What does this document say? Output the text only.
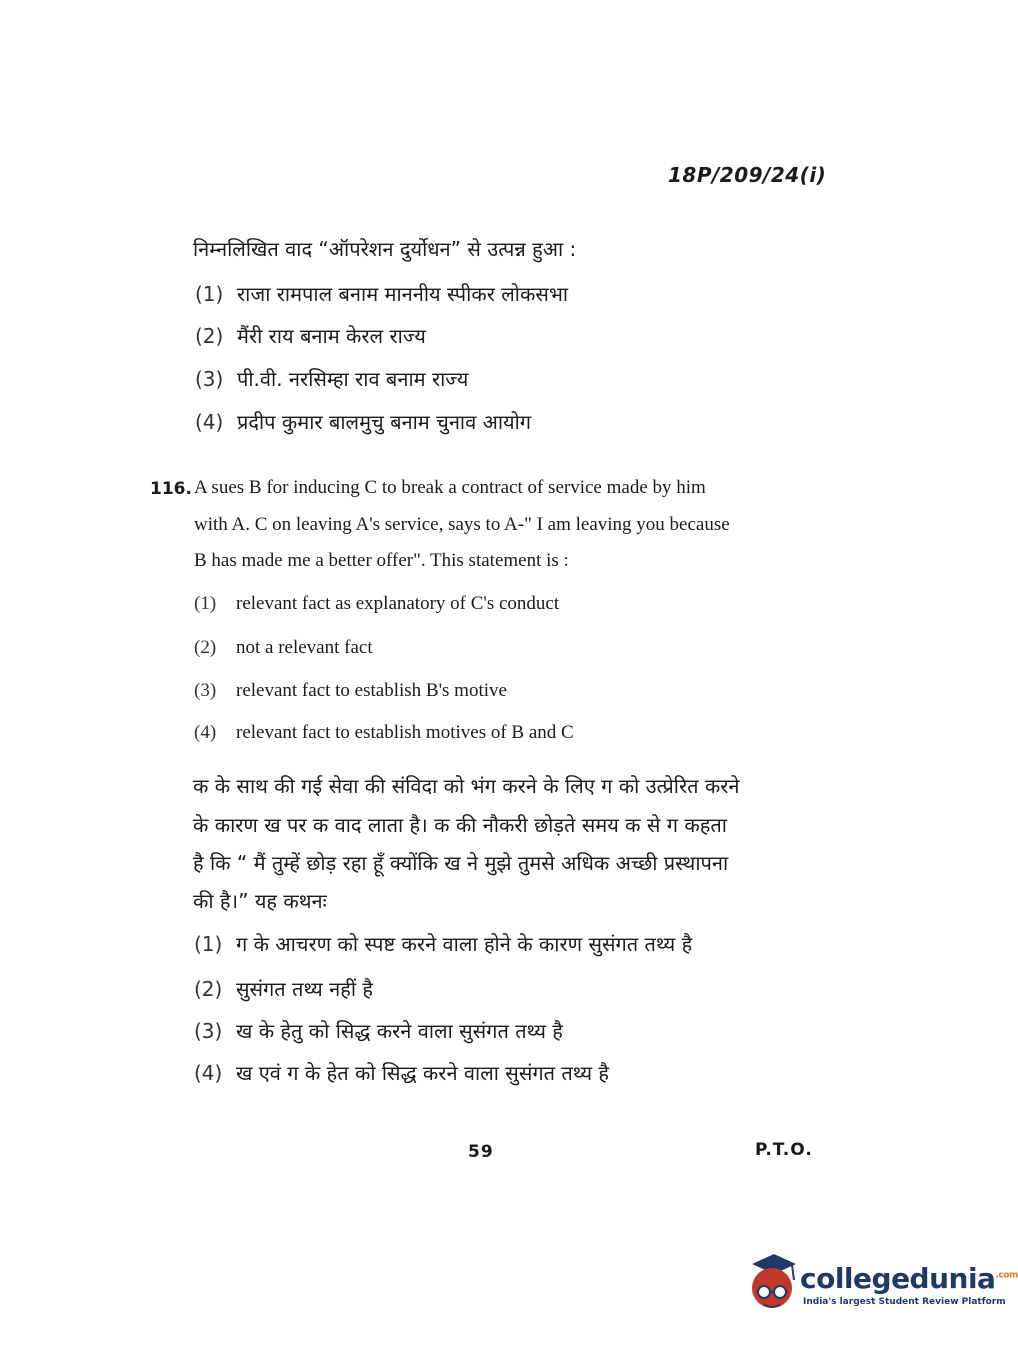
18P/209/24(i)
निम्नलिखित वाद “ऑपरेशन दुर्योधन” से उत्पन्न हुआ :
(1) राजा रामपाल बनाम माननीय स्पीकर लोकसभा
(2) मैंरी राय बनाम केरल राज्य
(3) पी.वी. नरसिम्हा राव बनाम राज्य
(4) प्रदीप कुमार बालमुचु बनाम चुनाव आयोग
116. A sues B for inducing C to break a contract of service made by him
with A. C on leaving A's service, says to A-" I am leaving you because
B has made me a better offer". This statement is :
(1) relevant fact as explanatory of C's conduct
(2) not a relevant fact
(3) relevant fact to establish B's motive
(4) relevant fact to establish motives of B and C
क के साथ की गई सेवा की संविदा को भंग करने के लिए ग को उत्प्रेरित करने
के कारण ख पर क वाद लाता है। क की नौकरी छोड़ते समय क से ग कहता
है कि “ मैं तुम्हें छोड़ रहा हूँ क्योंकि ख ने मुझे तुमसे अधिक अच्छी प्रस्थापना
की है।” यह कथनः
(1) ग के आचरण को स्पष्ट करने वाला होने के कारण सुसंगत तथ्य है
(2) सुसंगत तथ्य नहीं है
(3) ख के हेतु को सिद्ध करने वाला सुसंगत तथ्य है
(4) ख एवं ग के हेत को सिद्ध करने वाला सुसंगत तथ्य है
59	P.T.O.
collegedunia$^{.com}$
India's largest Student Review Platform
